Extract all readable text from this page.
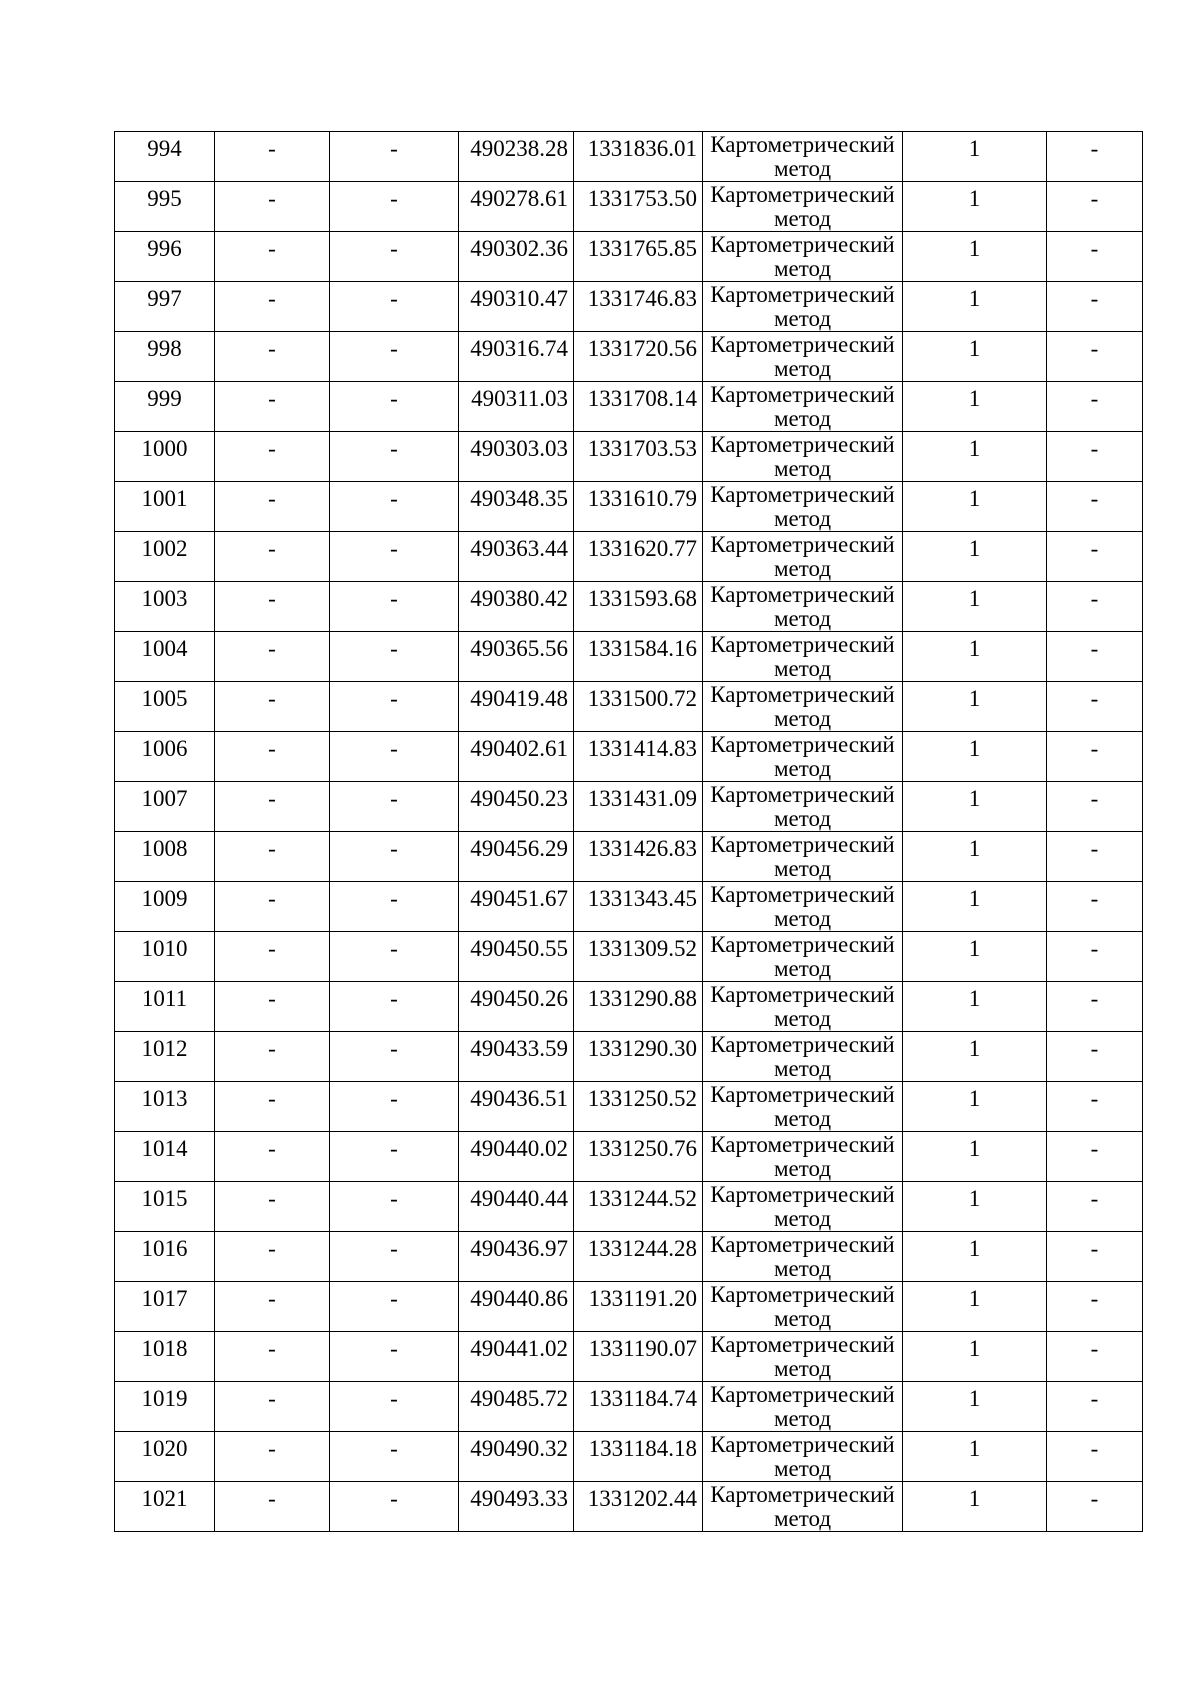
994	-	-	490238.28	1331836.01	Картометрический метод	1	-

995	-	-	490278.61	1331753.50	Картометрический метод	1	-

996	-	-	490302.36	1331765.85	Картометрический метод	1	-

997	-	-	490310.47	1331746.83	Картометрический метод	1	-

998	-	-	490316.74	1331720.56	Картометрический метод	1	-

999	-	-	490311.03	1331708.14	Картометрический метод	1	-

1000	-	-	490303.03	1331703.53	Картометрический метод	1	-

1001	-	-	490348.35	1331610.79	Картометрический метод	1	-

1002	-	-	490363.44	1331620.77	Картометрический метод	1	-

1003	-	-	490380.42	1331593.68	Картометрический метод	1	-

1004	-	-	490365.56	1331584.16	Картометрический метод	1	-

1005	-	-	490419.48	1331500.72	Картометрический метод	1	-

1006	-	-	490402.61	1331414.83	Картометрический метод	1	-

1007	-	-	490450.23	1331431.09	Картометрический метод	1	-

1008	-	-	490456.29	1331426.83	Картометрический метод	1	-

1009	-	-	490451.67	1331343.45	Картометрический метод	1	-

1010	-	-	490450.55	1331309.52	Картометрический метод	1	-

1011	-	-	490450.26	1331290.88	Картометрический метод	1	-

1012	-	-	490433.59	1331290.30	Картометрический метод	1	-

1013	-	-	490436.51	1331250.52	Картометрический метод	1	-

1014	-	-	490440.02	1331250.76	Картометрический метод	1	-

1015	-	-	490440.44	1331244.52	Картометрический метод	1	-

1016	-	-	490436.97	1331244.28	Картометрический метод	1	-

1017	-	-	490440.86	1331191.20	Картометрический метод	1	-

1018	-	-	490441.02	1331190.07	Картометрический метод	1	-

1019	-	-	490485.72	1331184.74	Картометрический метод	1	-

1020	-	-	490490.32	1331184.18	Картометрический метод	1	-

1021	-	-	490493.33	1331202.44	Картометрический метод	1	-
